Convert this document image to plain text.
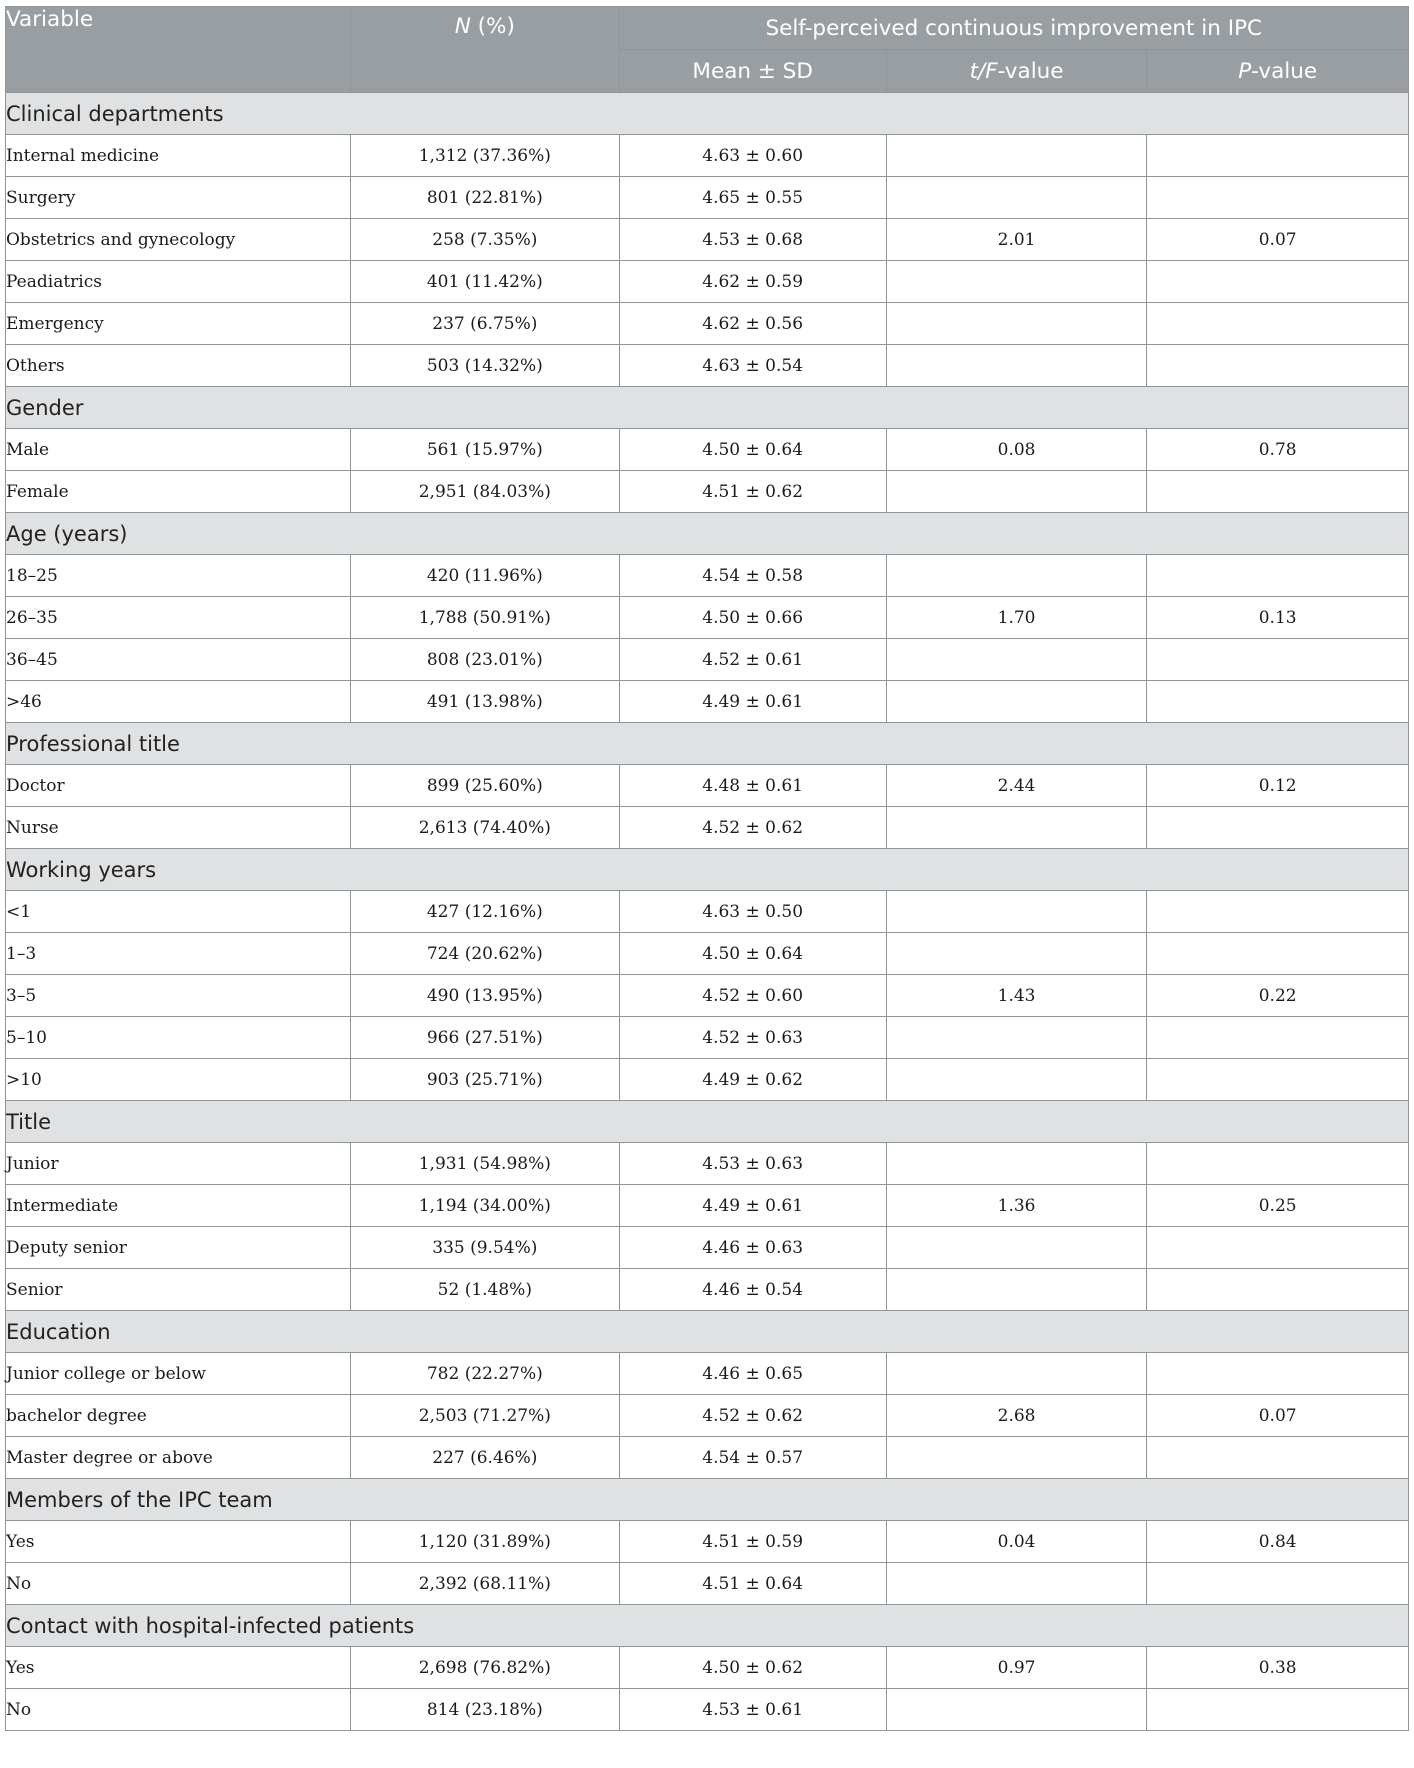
Variable	N (%)	Self-perceived continuous improvement in IPC		
		Mean ± SD	t/F-value	P-value
Clinical departments				
Internal medicine	1,312 (37.36%)	4.63 ± 0.60		
Surgery	801 (22.81%)	4.65 ± 0.55		
Obstetrics and gynecology	258 (7.35%)	4.53 ± 0.68	2.01	0.07
Peadiatrics	401 (11.42%)	4.62 ± 0.59		
Emergency	237 (6.75%)	4.62 ± 0.56		
Others	503 (14.32%)	4.63 ± 0.54		
Gender				
Male	561 (15.97%)	4.50 ± 0.64	0.08	0.78
Female	2,951 (84.03%)	4.51 ± 0.62		
Age (years)				
18–25	420 (11.96%)	4.54 ± 0.58		
26–35	1,788 (50.91%)	4.50 ± 0.66	1.70	0.13
36–45	808 (23.01%)	4.52 ± 0.61		
>46	491 (13.98%)	4.49 ± 0.61		
Professional title				
Doctor	899 (25.60%)	4.48 ± 0.61	2.44	0.12
Nurse	2,613 (74.40%)	4.52 ± 0.62		
Working years				
<1	427 (12.16%)	4.63 ± 0.50		
1–3	724 (20.62%)	4.50 ± 0.64		
3–5	490 (13.95%)	4.52 ± 0.60	1.43	0.22
5–10	966 (27.51%)	4.52 ± 0.63		
>10	903 (25.71%)	4.49 ± 0.62		
Title				
Junior	1,931 (54.98%)	4.53 ± 0.63		
Intermediate	1,194 (34.00%)	4.49 ± 0.61	1.36	0.25
Deputy senior	335 (9.54%)	4.46 ± 0.63		
Senior	52 (1.48%)	4.46 ± 0.54		
Education				
Junior college or below	782 (22.27%)	4.46 ± 0.65		
bachelor degree	2,503 (71.27%)	4.52 ± 0.62	2.68	0.07
Master degree or above	227 (6.46%)	4.54 ± 0.57		
Members of the IPC team				
Yes	1,120 (31.89%)	4.51 ± 0.59	0.04	0.84
No	2,392 (68.11%)	4.51 ± 0.64		
Contact with hospital-infected patients				
Yes	2,698 (76.82%)	4.50 ± 0.62	0.97	0.38
No	814 (23.18%)	4.53 ± 0.61		
